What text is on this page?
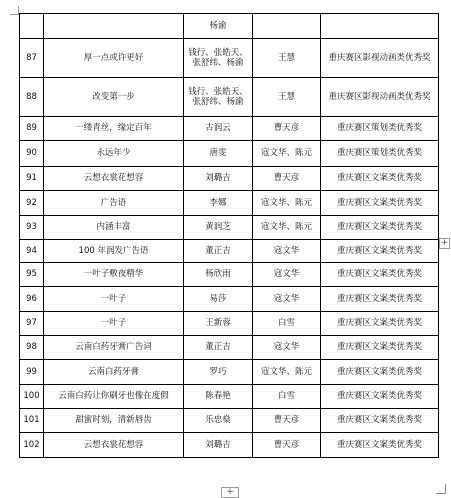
		杨渝		
87	厚一点或许更好	钱行、张皓天、张舒纬、杨渝	王慧	重庆赛区影视动画类优秀奖
88	改变第一步	钱行、张皓天、张舒纬、杨渝	王慧	重庆赛区影视动画类优秀奖
89	一缕青丝，缘定百年	古润云	曹天彦	重庆赛区策划类优秀奖
90	永远年少	唐雯	寇文华、陈元	重庆赛区策划类优秀奖
91	云想衣裳花想容	刘璐吉	曹天彦	重庆赛区文案类优秀奖
92	广告语	李娜	寇文华、陈元	重庆赛区文案类优秀奖
93	内涵丰富	黄润芝	寇文华、陈元	重庆赛区文案类优秀奖
94	100 年润发广告语	董正吉	寇文华	重庆赛区文案类优秀奖
95	一叶子敷夜精华	杨欣雨	寇文华	重庆赛区文案类优秀奖
96	一叶子	易莎	寇文华	重庆赛区文案类优秀奖
97	一叶子	王新蓉	白雪	重庆赛区文案类优秀奖
98	云南白药牙膏广告词	董正吉	寇文华	重庆赛区文案类优秀奖
99	云南白药牙膏	罗巧	寇文华、陈元	重庆赛区文案类优秀奖
100	云南白药让你刷牙也像在度假	陈春艳	白雪	重庆赛区文案类优秀奖
101	甜蜜时刻，清新唇齿	乐忠燊	曹天彦	重庆赛区文案类优秀奖
102	云想衣裳花想容	刘璐吉	曹天彦	重庆赛区文案类优秀奖
+
+
